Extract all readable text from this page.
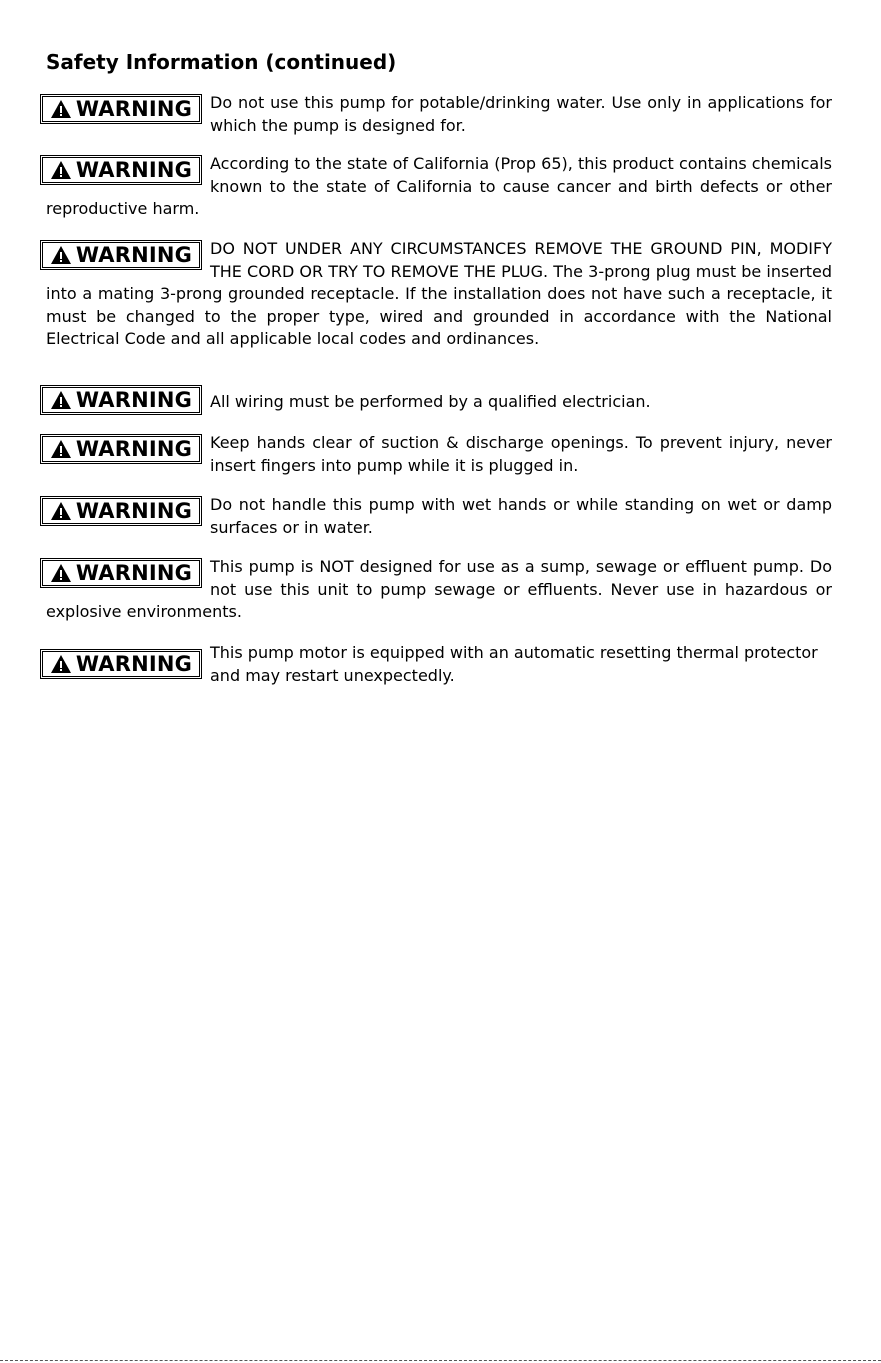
Safety Information (continued)
WARNING	Do not use this pump for potable/drinking water. Use only in applications for which the pump is designed for.

WARNING	According to the state of California (Prop 65), this product contains chemicals known to the state of California to cause cancer and birth defects or other reproductive harm.

WARNING	DO NOT UNDER ANY CIRCUMSTANCES REMOVE THE GROUND PIN, MODIFY THE CORD OR TRY TO REMOVE THE PLUG. The 3-prong plug must be inserted into a mating 3-prong grounded receptacle. If the installation does not have such a receptacle, it must be changed to the proper type, wired and grounded in accordance with the National Electrical Code and all applicable local codes and ordinances.

WARNING	All wiring must be performed by a qualified electrician.

WARNING	Keep hands clear of suction & discharge openings. To prevent injury, never insert fingers into pump while it is plugged in.

WARNING	Do not handle this pump with wet hands or while standing on wet or damp surfaces or in water.

WARNING	This pump is NOT designed for use as a sump, sewage or effluent pump. Do not use this unit to pump sewage or effluents. Never use in hazardous or explosive environments.

WARNING	This pump motor is equipped with an automatic resetting thermal protector and may restart unexpectedly.
